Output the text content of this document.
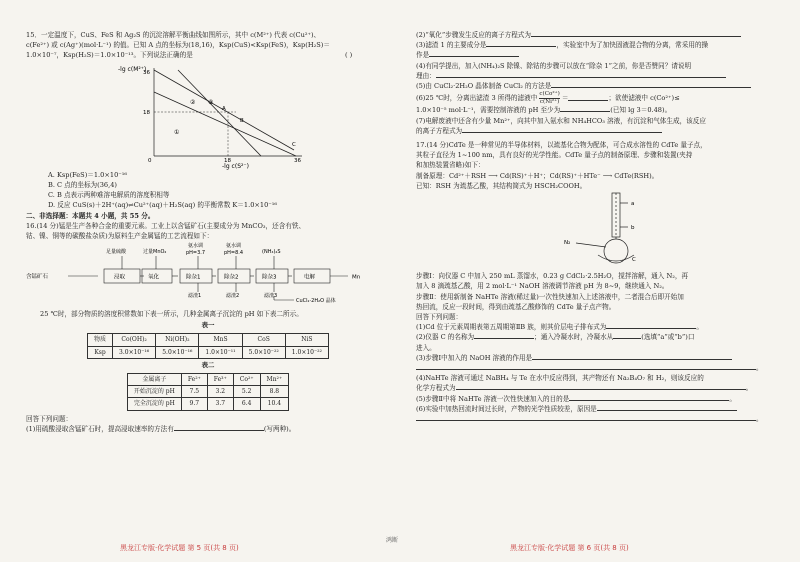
15．一定温度下，CuS、FeS 和 Ag₂S 的沉淀溶解平衡曲线如图所示，其中 c(M²⁺) 代表 c(Cu²⁺)、
c(Fe²⁺) 或 c(Ag⁺)(mol·L⁻¹) 的值。已知 A 点的坐标为(18,16)，Ksp(CuS)<Ksp(FeS)，Ksp(H₂S)＝
1.0×10⁻⁷，Ksp(H₂S)＝1.0×10⁻¹³。下列说法正确的是	( )
-lg c(M²⁺)
-lg c(S²⁻)
36
18
0	18	36
①
② ③
A
B
C
A. Ksp(FeS)＝1.0×10⁻¹⁶
B. C 点的坐标为(36,4)
C. B 点表示两种难溶电解质的溶度积相等
D. 反应 CuS(s)＋2H⁺(aq)⇌Cu²⁺(aq)＋H₂S(aq) 的平衡常数 K＝1.0×10⁻¹⁶
二、非选择题：本题共 4 小题，共 55 分。
16.(14 分)锰是生产各种合金的重要元素。工业上以含锰矿石(主要成分为 MnCO₃，还含有铁、
钴、镍、铜等的碳酸盐杂质)为原料生产金属锰的工艺流程如下：
含锰矿石
足量硫酸	过量MnO₂
氨水调
pH=3.7
氨水调
pH=8.4	(NH₄)₂S
浸取	氧化	除杂1	除杂2	除杂3	电解	Mn
滤渣1	滤渣2	滤渣3
CuCl₂·2H₂O 晶体
25 ℃时，部分物质的溶度积常数如下表一所示，几种金属离子沉淀的 pH 如下表二所示。
表一
物质	Co(OH)₂	Ni(OH)₂	MnS	CoS	NiS
Ksp	3.0×10⁻¹⁶	5.0×10⁻¹⁶	1.0×10⁻¹¹	5.0×10⁻²²	1.0×10⁻²²
表二
金属离子	Fe²⁺	Fe³⁺	Co²⁺	Mn²⁺
开始沉淀的 pH	7.5	3.2	5.2	8.8
完全沉淀的 pH	9.7	3.7	6.4	10.4
回答下列问题：
(1)用硫酸浸取含锰矿石时，提高浸取速率的方法有	(写两种)。
黑龙江专版·化学试题 第 5 页(共 8 页)
鸿断
(2)“氧化”步骤发生反应的离子方程式为
(3)滤渣 1 的主要成分是	，实验室中为了加快固液混合物的分离，常采用的操
作是
(4)有同学提出，加入(NH₄)₂S 除镍、除钴的步骤可以放在“除杂 1”之前，你是否赞同？请说明
理由：
(5)由 CuCl₂·2H₂O 晶体制备 CuCl₂ 的方法是
(6)25 ℃时，分离出滤渣 3 所得的滤液中 $\frac{\text{c(Co²⁺)}}{\text{c(Ni²⁺)}}$ ＝	；欲使滤液中 c(Co²⁺)≤
1.0×10⁻⁵ mol·L⁻¹，需要控制溶液的 pH 至少为	(已知 lg 3＝0.48)。
(7)电解废液中还含有少量 Mn²⁺，向其中加入氨水和 NH₄HCO₃ 溶液，有沉淀和气体生成，该反应
的离子方程式为
17.(14 分)CdTe 是一种常见的半导体材料，以巯基化合物为配体，可合成水溶性的 CdTe 量子点，
其粒子直径为 1~100 nm，具有良好的光学性能。CdTe 量子点的制备原理、步骤和装置(夹持
和加热装置省略)如下：
制备原理：Cd²⁺＋RSH ⟶ Cd(RS)⁺＋H⁺；Cd(RS)⁺＋HTe⁻ ⟶ CdTe(RSH)。
已知：RSH 为巯基乙酸，其结构简式为 HSCH₂COOH。
a
b
C
N₂
步骤Ⅰ：向仪器 C 中加入 250 mL 蒸馏水，0.23 g CdCl₂·2.5H₂O，搅拌溶解，通入 N₂，再
加入 8 滴巯基乙酸，用 2 mol·L⁻¹ NaOH 溶液调节溶液 pH 为 8~9，继续通入 N₂。
步骤Ⅱ：使用新制备 NaHTe 溶液(稀过量)一次性快速加入上述溶液中，二者混合后即开始加
热回流，反应一段时间，得到由巯基乙酸修饰的 CdTe 量子点产物。
回答下列问题：
(1)Cd 位于元素周期表第五周期第ⅡB 族，则其价层电子排布式为	。
(2)仪器 C 的名称为	；通入冷凝水时，冷凝水从	(选填“a”或“b”)口
进入。
(3)步骤Ⅰ中加入的 NaOH 溶液的作用是
。
(4)NaHTe 溶液可通过 NaBH₄ 与 Te 在水中反应得到，其产物还有 Na₂B₄O₇ 和 H₂，则该反应的
化学方程式为	。
(5)步骤Ⅱ中将 NaHTe 溶液一次性快速加入的目的是	。
(6)实验中加热回流时间过长时，产物的光学性质较差，原因是
。
黑龙江专版·化学试题 第 6 页(共 8 页)
